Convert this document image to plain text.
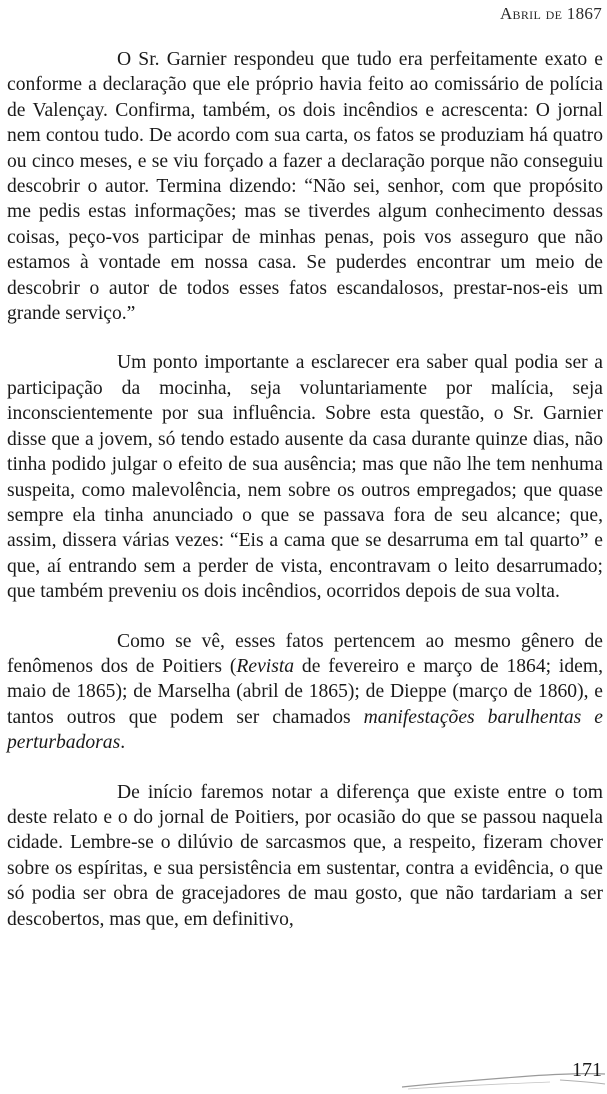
Abril de 1867

O Sr. Garnier respondeu que tudo era perfeitamente exato e conforme a declaração que ele próprio havia feito ao comissário de polícia de Valençay. Confirma, também, os dois incêndios e acrescenta: O jornal nem contou tudo. De acordo com sua carta, os fatos se produziam há quatro ou cinco meses, e se viu forçado a fazer a declaração porque não conseguiu descobrir o autor. Termina dizendo: “Não sei, senhor, com que propósito me pedis estas informações; mas se tiverdes algum conhecimento dessas coisas, peço-vos participar de minhas penas, pois vos asseguro que não estamos à vontade em nossa casa. Se puderdes encontrar um meio de descobrir o autor de todos esses fatos escandalosos, prestar-nos-eis um grande serviço.”

Um ponto importante a esclarecer era saber qual podia ser a participação da mocinha, seja voluntariamente por malícia, seja inconscientemente por sua influência. Sobre esta questão, o Sr. Garnier disse que a jovem, só tendo estado ausente da casa durante quinze dias, não tinha podido julgar o efeito de sua ausência; mas que não lhe tem nenhuma suspeita, como malevolência, nem sobre os outros empregados; que quase sempre ela tinha anunciado o que se passava fora de seu alcance; que, assim, dissera várias vezes: “Eis a cama que se desarruma em tal quarto” e que, aí entrando sem a perder de vista, encontravam o leito desarrumado; que também preveniu os dois incêndios, ocorridos depois de sua volta.

Como se vê, esses fatos pertencem ao mesmo gênero de fenômenos dos de Poitiers (Revista de fevereiro e março de 1864; idem, maio de 1865); de Marselha (abril de 1865); de Dieppe (março de 1860), e tantos outros que podem ser chamados manifestações barulhentas e perturbadoras.

De início faremos notar a diferença que existe entre o tom deste relato e o do jornal de Poitiers, por ocasião do que se passou naquela cidade. Lembre-se o dilúvio de sarcasmos que, a respeito, fizeram chover sobre os espíritas, e sua persistência em sustentar, contra a evidência, o que só podia ser obra de gracejadores de mau gosto, que não tardariam a ser descobertos, mas que, em definitivo,

171
